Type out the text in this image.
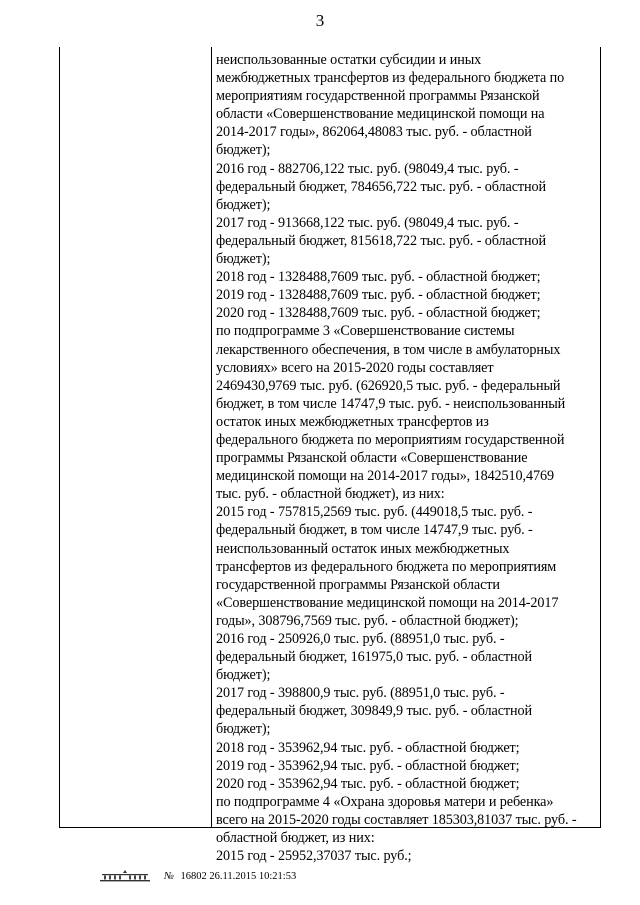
3
неиспользованные остатки субсидии и иных
межбюджетных трансфертов из федерального бюджета по
мероприятиям государственной программы Рязанской
области «Совершенствование медицинской помощи на
2014-2017 годы», 862064,48083 тыс. руб. - областной
бюджет);
2016 год - 882706,122 тыс. руб. (98049,4 тыс. руб. -
федеральный бюджет, 784656,722 тыс. руб. - областной
бюджет);
2017 год - 913668,122 тыс. руб. (98049,4 тыс. руб. -
федеральный бюджет, 815618,722 тыс. руб. - областной
бюджет);
2018 год - 1328488,7609 тыс. руб. - областной бюджет;
2019 год - 1328488,7609 тыс. руб. - областной бюджет;
2020 год - 1328488,7609 тыс. руб. - областной бюджет;
по подпрограмме 3 «Совершенствование системы
лекарственного обеспечения, в том числе в амбулаторных
условиях» всего на 2015-2020 годы составляет
2469430,9769 тыс. руб. (626920,5 тыс. руб. - федеральный
бюджет, в том числе 14747,9 тыс. руб. - неиспользованный
остаток иных межбюджетных трансфертов из
федерального бюджета по мероприятиям государственной
программы Рязанской области «Совершенствование
медицинской помощи на 2014-2017 годы», 1842510,4769
тыс. руб. - областной бюджет), из них:
2015 год - 757815,2569 тыс. руб. (449018,5 тыс. руб. -
федеральный бюджет, в том числе 14747,9 тыс. руб. -
неиспользованный остаток иных межбюджетных
трансфертов из федерального бюджета по мероприятиям
государственной программы Рязанской области
«Совершенствование медицинской помощи на 2014-2017
годы», 308796,7569 тыс. руб. - областной бюджет);
2016 год - 250926,0 тыс. руб. (88951,0 тыс. руб. -
федеральный бюджет, 161975,0 тыс. руб. - областной
бюджет);
2017 год - 398800,9 тыс. руб. (88951,0 тыс. руб. -
федеральный бюджет, 309849,9 тыс. руб. - областной
бюджет);
2018 год - 353962,94 тыс. руб. - областной бюджет;
2019 год - 353962,94 тыс. руб. - областной бюджет;
2020 год - 353962,94 тыс. руб. - областной бюджет;
по подпрограмме 4 «Охрана здоровья матери и ребенка»
всего на 2015-2020 годы составляет 185303,81037 тыс. руб. -
областной бюджет, из них:
2015 год - 25952,37037 тыс. руб.;
№ 16802 26.11.2015 10:21:53
